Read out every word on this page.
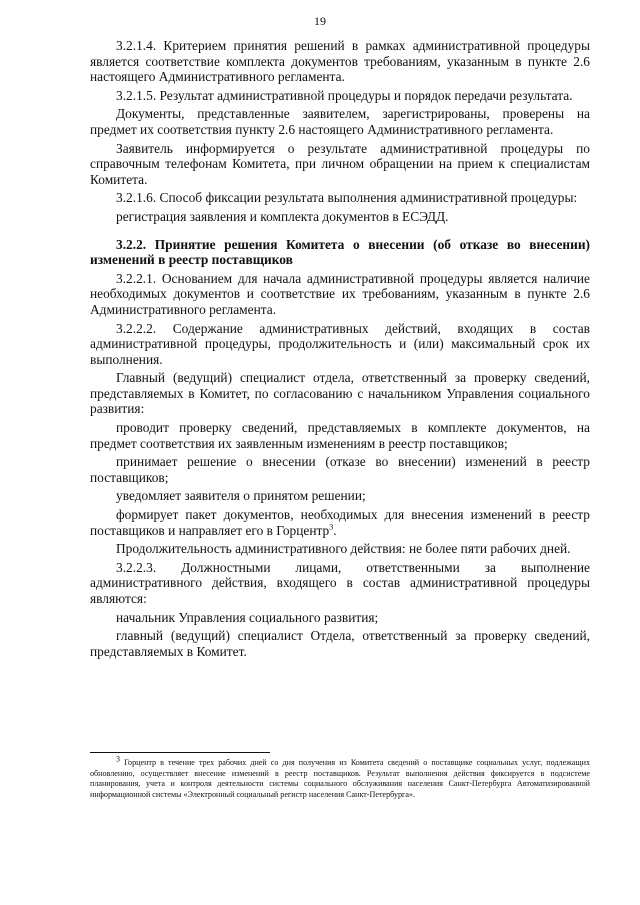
19

3.2.1.4. Критерием принятия решений в рамках административной процедуры является соответствие комплекта документов требованиям, указанным в пункте 2.6 настоящего Административного регламента.

3.2.1.5. Результат административной процедуры и порядок передачи результата.

Документы, представленные заявителем, зарегистрированы, проверены на предмет их соответствия пункту 2.6 настоящего Административного регламента.

Заявитель информируется о результате административной процедуры по справочным телефонам Комитета, при личном обращении на прием к специалистам Комитета.

3.2.1.6. Способ фиксации результата выполнения административной процедуры:

регистрация заявления и комплекта документов в ЕСЭДД.

3.2.2. Принятие решения Комитета о внесении (об отказе во внесении) изменений в реестр поставщиков

3.2.2.1. Основанием для начала административной процедуры является наличие необходимых документов и соответствие их требованиям, указанным в пункте 2.6 Административного регламента.

3.2.2.2. Содержание административных действий, входящих в состав административной процедуры, продолжительность и (или) максимальный срок их выполнения.

Главный (ведущий) специалист отдела, ответственный за проверку сведений, представляемых в Комитет, по согласованию с начальником Управления социального развития:

проводит проверку сведений, представляемых в комплекте документов, на предмет соответствия их заявленным изменениям в реестр поставщиков;

принимает решение о внесении (отказе во внесении) изменений в реестр поставщиков;

уведомляет заявителя о принятом решении;

формирует пакет документов, необходимых для внесения изменений в реестр поставщиков и направляет его в Горцентр$^3$.

Продолжительность административного действия: не более пяти рабочих дней.

3.2.2.3. Должностными лицами, ответственными за выполнение административного действия, входящего в состав административной процедуры являются:

начальник Управления социального развития;

главный (ведущий) специалист Отдела, ответственный за проверку сведений, представляемых в Комитет.

$^3$ Горцентр в течение трех рабочих дней со дня получения из Комитета сведений о поставщике социальных услуг, подлежащих обновлению, осуществляет внесение изменений в реестр поставщиков. Результат выполнения действия фиксируется в подсистеме планирования, учета и контроля деятельности системы социального обслуживания населения Санкт-Петербурга Автоматизированной информационной системы «Электронный социальный регистр населения Санкт-Петербурга».
